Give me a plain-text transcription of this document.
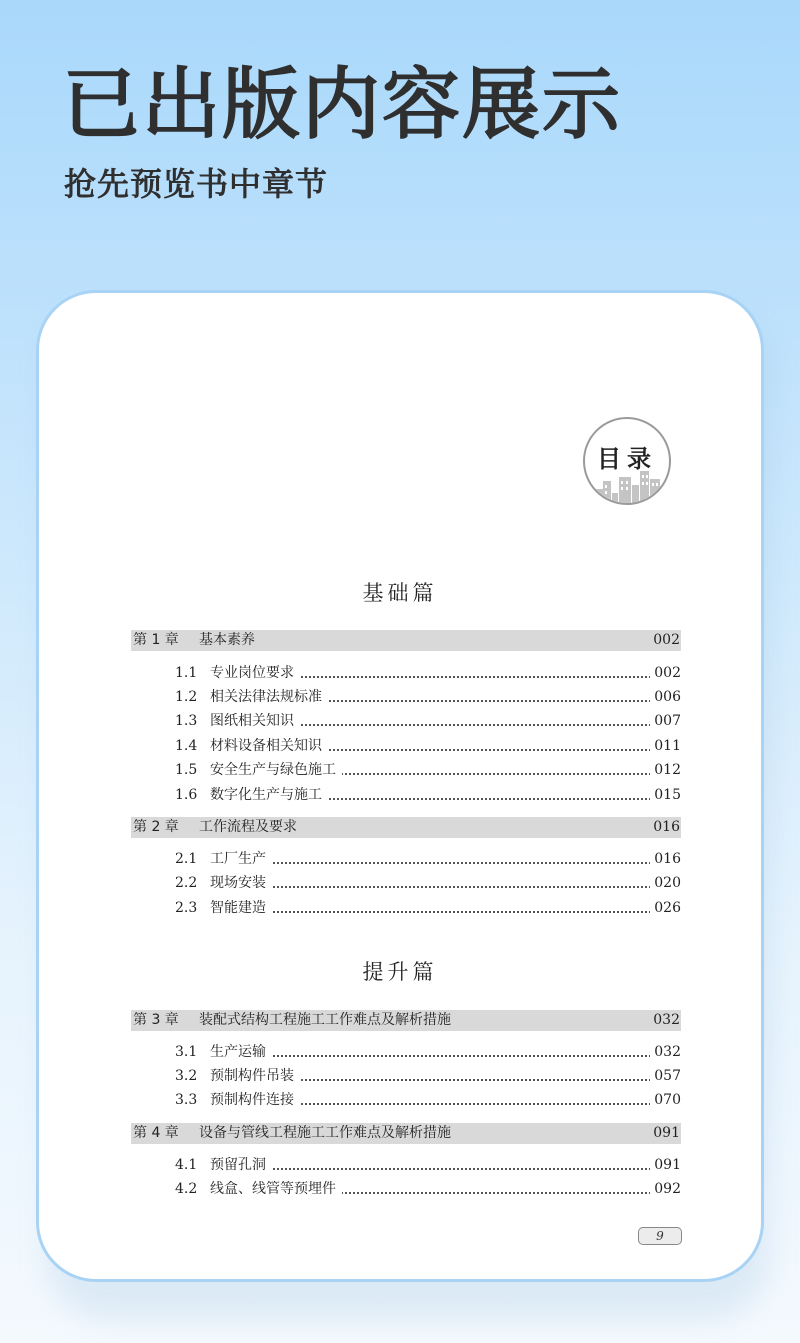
已出版内容展示
抢先预览书中章节
目录
基础篇
第 1 章 基本素养	002
1.1 专业岗位要求	002
1.2 相关法律法规标准	006
1.3 图纸相关知识	007
1.4 材料设备相关知识	011
1.5 安全生产与绿色施工	012
1.6 数字化生产与施工	015
第 2 章 工作流程及要求	016
2.1 工厂生产	016
2.2 现场安装	020
2.3 智能建造	026
提升篇
第 3 章 装配式结构工程施工工作难点及解析措施	032
3.1 生产运输	032
3.2 预制构件吊装	057
3.3 预制构件连接	070
第 4 章 设备与管线工程施工工作难点及解析措施	091
4.1 预留孔洞	091
4.2 线盒、线管等预埋件	092
9
